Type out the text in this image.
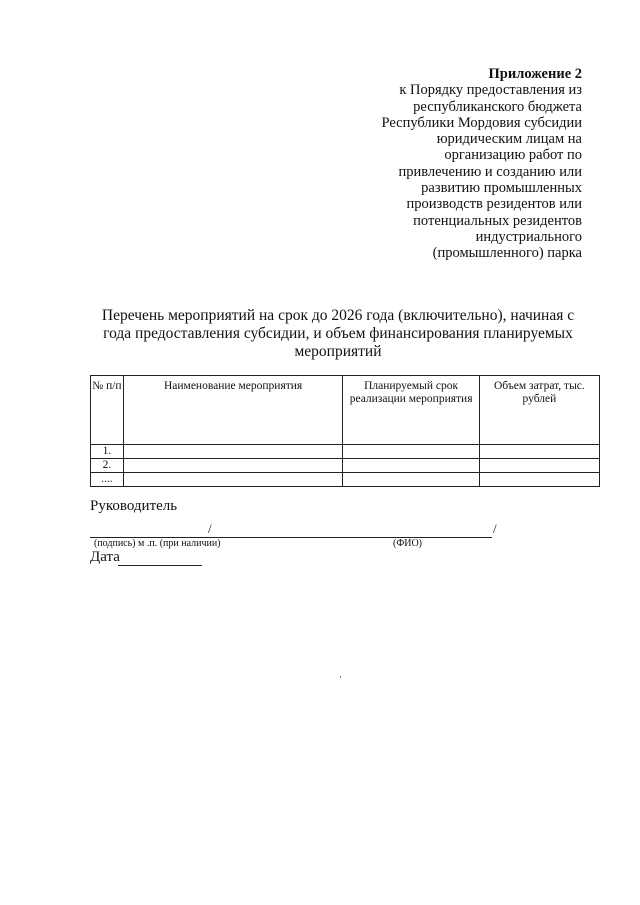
Приложение 2
к Порядку предоставления из
республиканского бюджета
Республики Мордовия субсидии
юридическим лицам на
организацию работ по
привлечению и созданию или
развитию промышленных
производств резидентов или
потенциальных резидентов
индустриального
(промышленного) парка
Перечень мероприятий на срок до 2026 года (включительно), начиная с года предоставления субсидии, и объем финансирования планируемых мероприятий
№ п/п	Наименование мероприятия	Планируемый срок реализации мероприятия	Объем затрат, тыс. рублей
1.			
2.			
....			
Руководитель
/	/
(подпись) м .п. (при наличии)	(ФИО)
Дата
